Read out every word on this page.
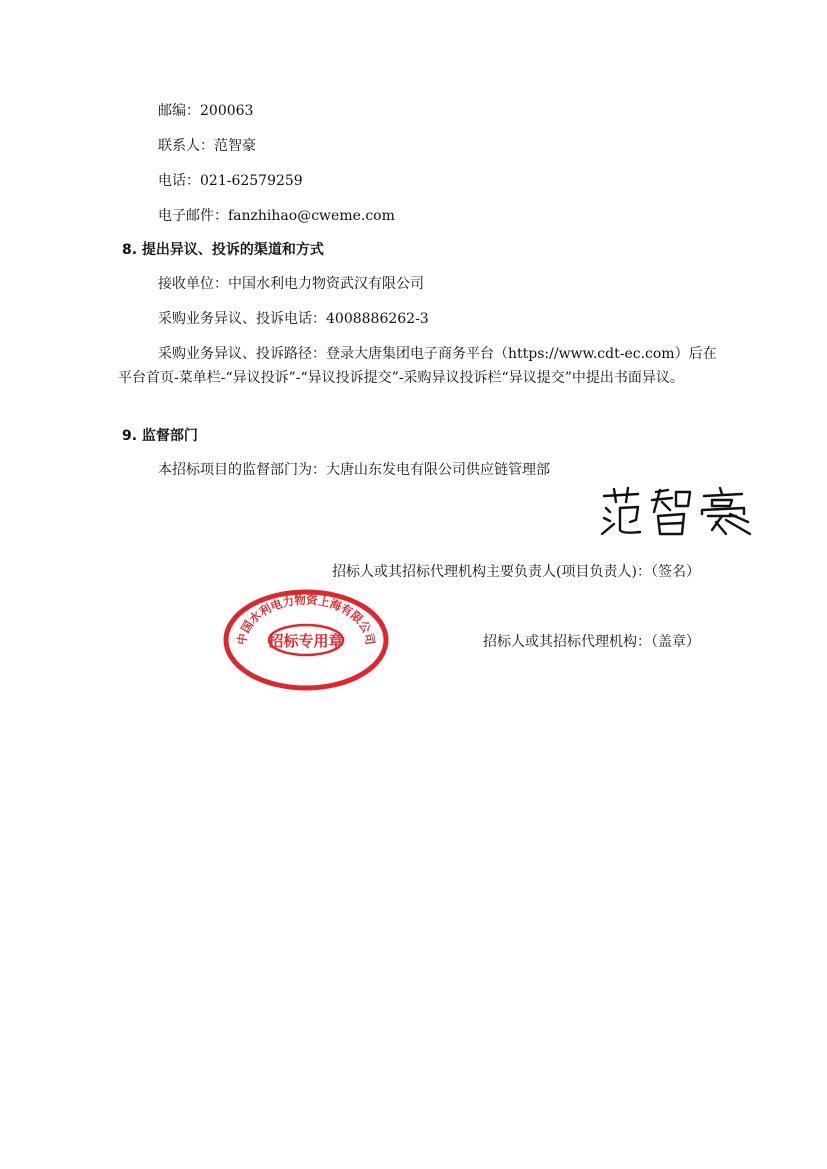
邮编：200063
联系人：范智豪
电话：021-62579259
电子邮件：fanzhihao@cweme.com
8. 提出异议、投诉的渠道和方式
接收单位：中国水利电力物资武汉有限公司
采购业务异议、投诉电话：4008886262-3
采购业务异议、投诉路径：登录大唐集团电子商务平台（https://www.cdt-ec.com）后在平台首页-菜单栏-“异议投诉”-“异议投诉提交”-采购异议投诉栏“异议提交”中提出书面异议。
9. 监督部门
本招标项目的监督部门为：大唐山东发电有限公司供应链管理部
招标人或其招标代理机构主要负责人(项目负责人)：（签名）
中国水利电力物资上海有限公司
招标专用章	招标人或其招标代理机构：（盖章）
